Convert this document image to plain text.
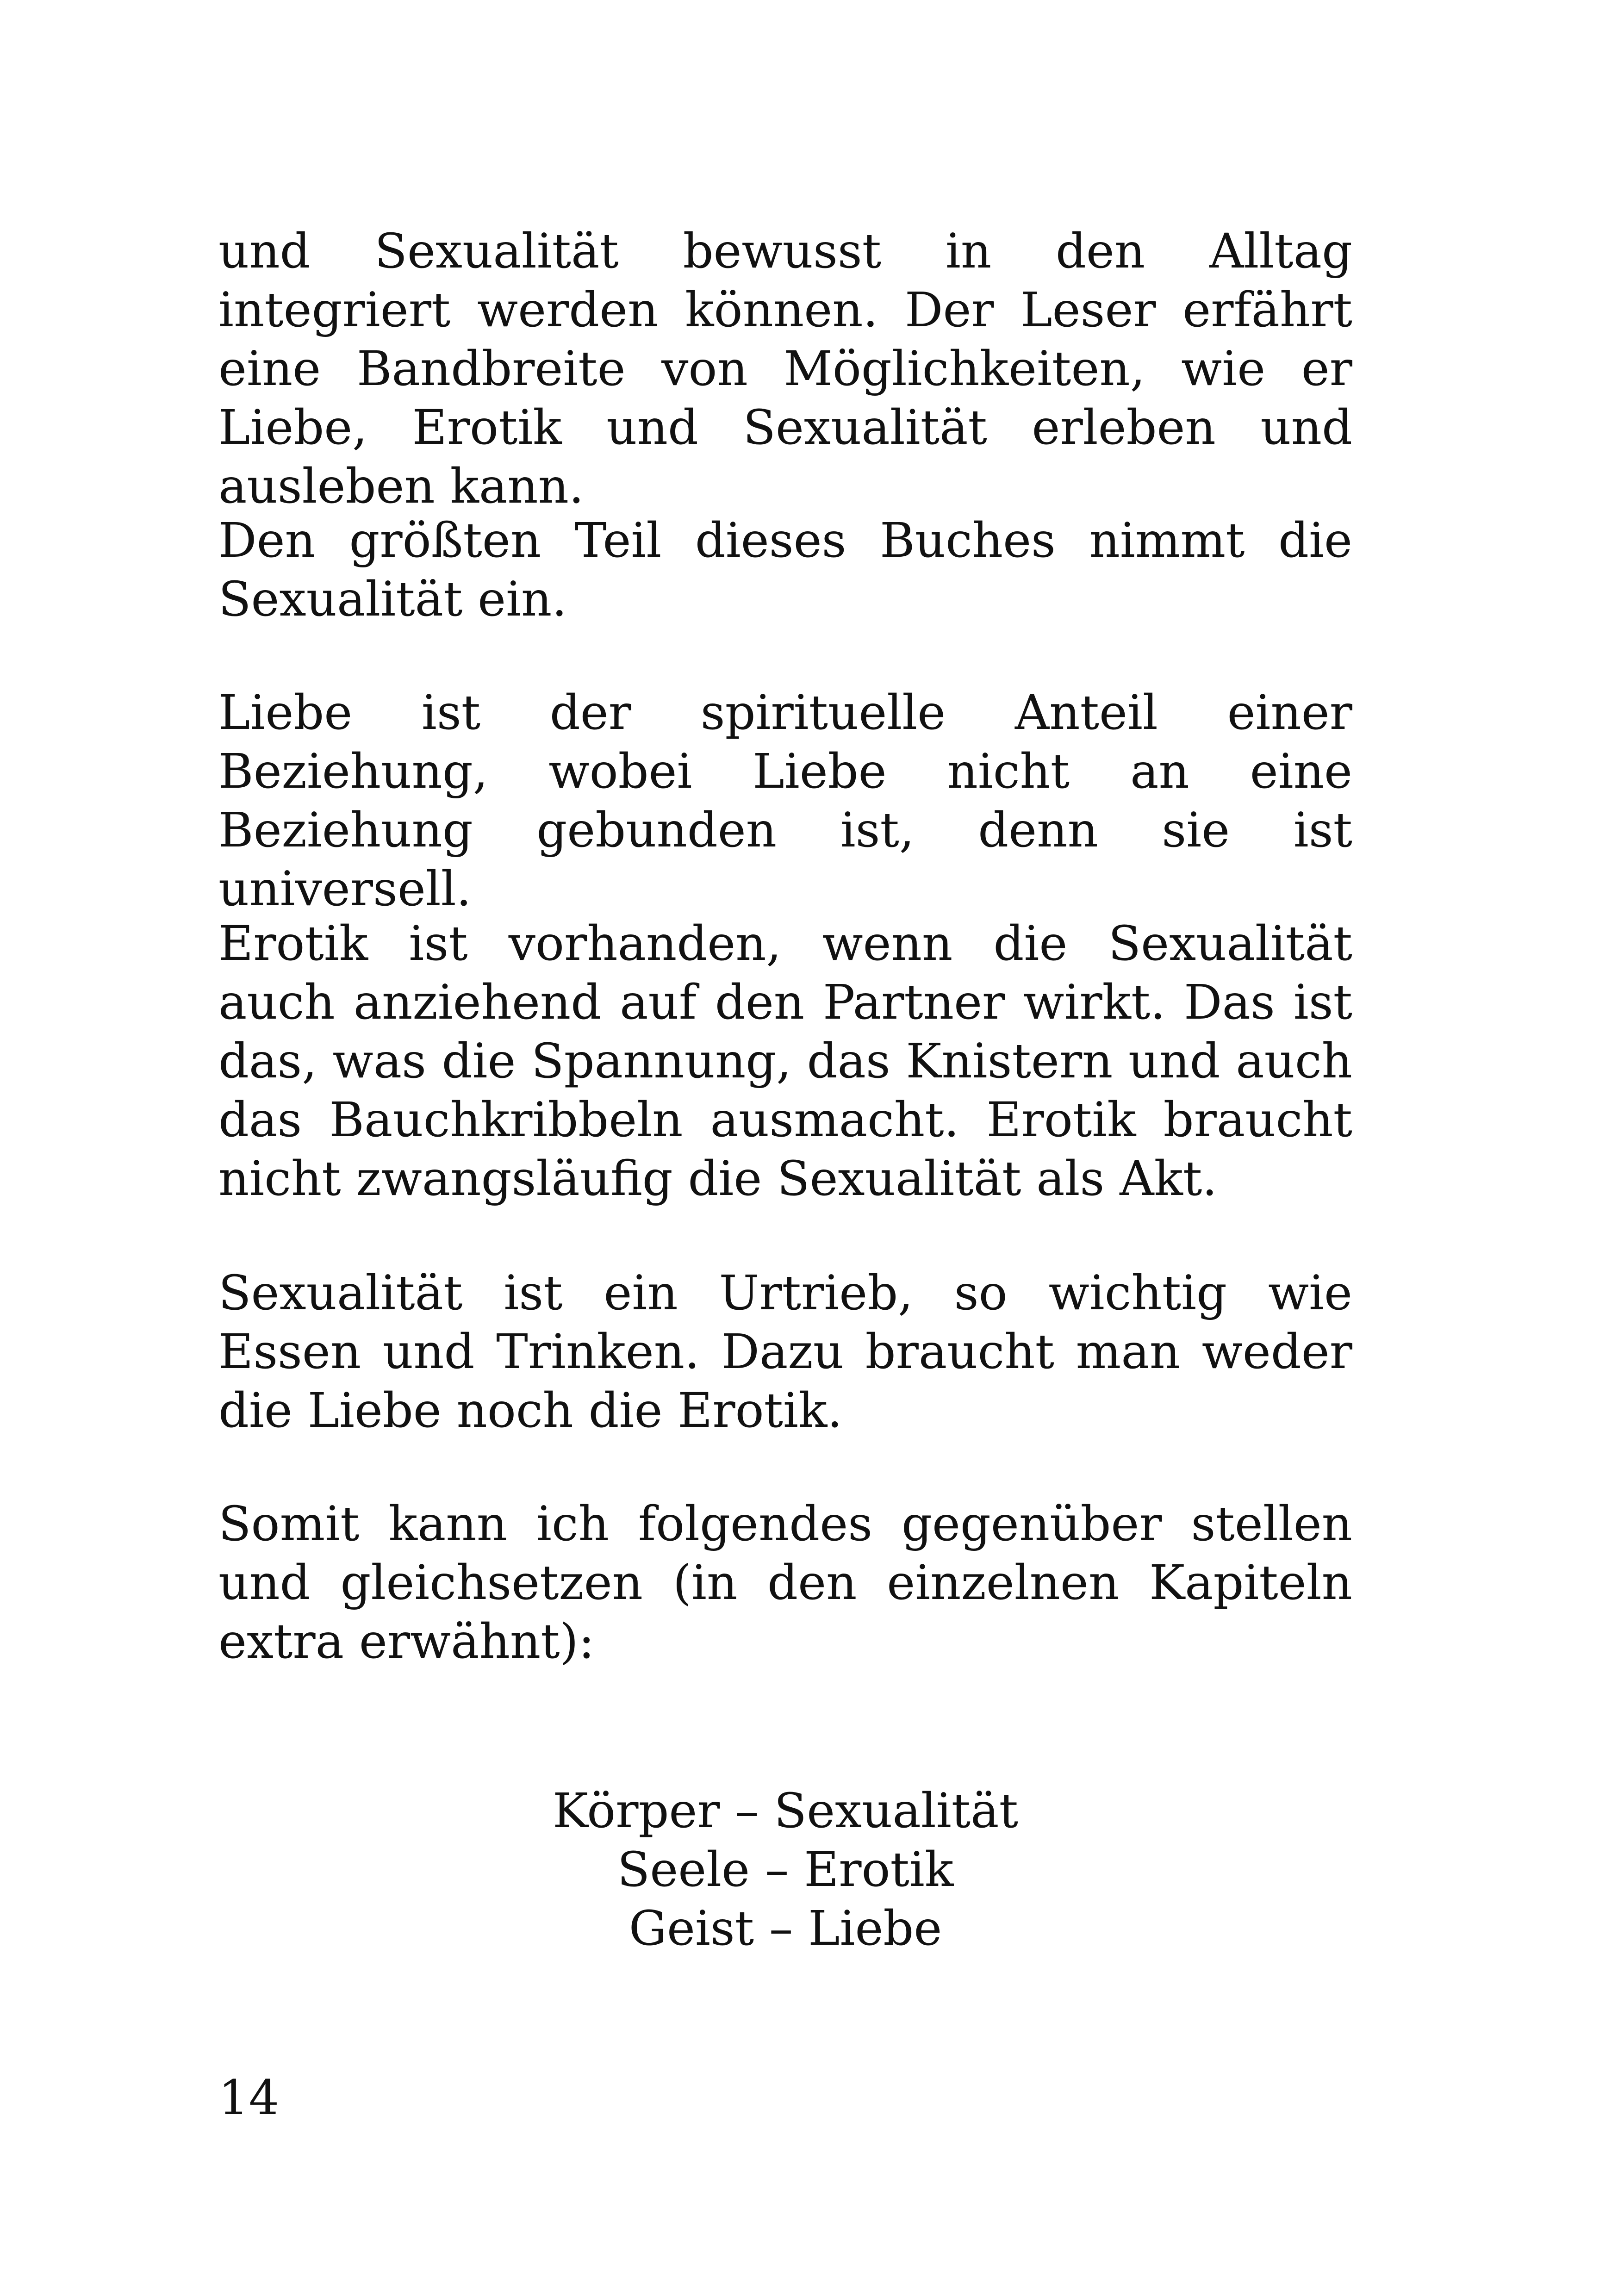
und Sexualität bewusst in den Alltag integriert werden können. Der Leser erfährt eine Bandbreite von Möglichkeiten, wie er Liebe, Erotik und Sexualität erleben und ausleben kann.

Den größten Teil dieses Buches nimmt die Sexualität ein.

Liebe ist der spirituelle Anteil einer Beziehung, wobei Liebe nicht an eine Beziehung gebunden ist, denn sie ist universell.

Erotik ist vorhanden, wenn die Sexualität auch anziehend auf den Partner wirkt. Das ist das, was die Spannung, das Knistern und auch das Bauchkribbeln ausmacht. Erotik braucht nicht zwangsläufig die Sexualität als Akt.

Sexualität ist ein Urtrieb, so wichtig wie Essen und Trinken. Dazu braucht man weder die Liebe noch die Erotik.

Somit kann ich folgendes gegenüber stellen und gleichsetzen (in den einzelnen Kapiteln extra erwähnt):

Körper – Sexualität
Seele – Erotik
Geist – Liebe
14
